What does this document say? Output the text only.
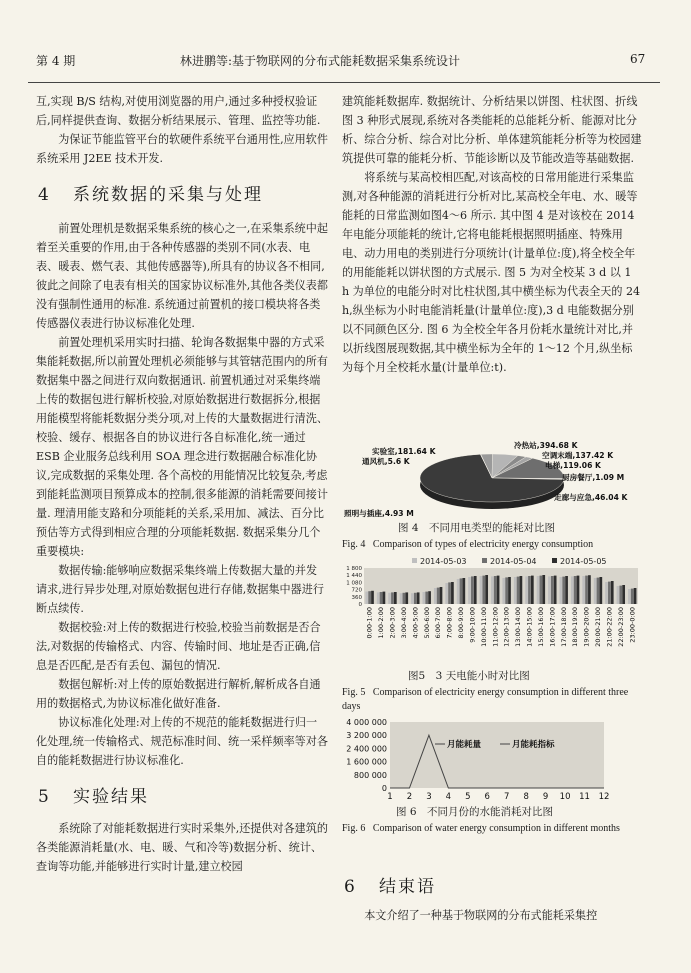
第 4 期	林进鹏等:基于物联网的分布式能耗数据采集系统设计	67

互,实现 B/S 结构,对使用浏览器的用户,通过多种授权验证后,同样提供查询、数据分析结果展示、管理、监控等功能.

为保证节能监管平台的软硬件系统平台通用性,应用软件系统采用 J2EE 技术开发.

4 系统数据的采集与处理

前置处理机是数据采集系统的核心之一,在采集系统中起着至关重要的作用,由于各种传感器的类别不同(水表、电表、暖表、燃气表、其他传感器等),所具有的协议各不相同,彼此之间除了电表有相关的国家协议标准外,其他各类仪表都没有强制性通用的标准. 系统通过前置机的接口模块将各类传感器仪表进行协议标准化处理.

前置处理机采用实时扫描、轮询各数据集中器的方式采集能耗数据,所以前置处理机必须能够与其管辖范围内的所有数据集中器之间进行双向数据通讯. 前置机通过对采集终端上传的数据包进行解析校验,对原始数据进行数据拆分,根据用能模型将能耗数据分类分项,对上传的大量数据进行清洗、校验、缓存、根据各自的协议进行各自标准化,统一通过 ESB 企业服务总线利用 SOA 理念进行数据融合标准化协议,完成数据的采集处理. 各个高校的用能情况比较复杂,考虑到能耗监测项目预算成本的控制,很多能源的消耗需要间接计量. 理清用能支路和分项能耗的关系,采用加、减法、百分比预估等方式得到相应合理的分项能耗数据. 数据采集分几个重要模块:

数据传输:能够响应数据采集终端上传数据大量的并发请求,进行异步处理,对原始数据包进行存储,数据集中器进行断点续传.

数据校验:对上传的数据进行校验,校验当前数据是否合法,对数据的传输格式、内容、传输时间、地址是否正确,信息是否匹配,是否有丢包、漏包的情况.

数据包解析:对上传的原始数据进行解析,解析成各自通用的数据格式,为协议标准化做好准备.

协议标准化处理:对上传的不规范的能耗数据进行归一化处理,统一传输格式、规范标准时间、统一采样频率等对各自的能耗数据进行协议标准化.

5 实验结果

系统除了对能耗数据进行实时采集外,还提供对各建筑的各类能源消耗量(水、电、暖、气和冷等)数据分析、统计、查询等功能,并能够进行实时计量,建立校园

建筑能耗数据库. 数据统计、分析结果以饼图、柱状图、折线图 3 种形式展现,系统对各类能耗的总能耗分析、能源对比分析、综合分析、综合对比分析、单体建筑能耗分析等为校园建筑提供可靠的能耗分析、节能诊断以及节能改造等基础数据.

将系统与某高校相匹配,对该高校的日常用能进行采集监测,对各种能源的消耗进行分析对比,某高校全年电、水、暖等能耗的日常监测如图4～6 所示. 其中图 4 是对该校在 2014 年电能分项能耗的统计,它将电能耗根据照明插座、特殊用电、动力用电的类别进行分项统计(计量单位:度),将全校全年的用能能耗以饼状图的方式展示. 图 5 为对全校某 3 d 以 1 h 为单位的电能分时对比柱状图,其中横坐标为代表全天的 24 h,纵坐标为小时电能消耗量(计量单位:度),3 d 电能数据分别以不同颜色区分. 图 6 为全校全年各月份耗水量统计对比,并以折线图展现数据,其中横坐标为全年的 1～12 个月,纵坐标为每个月全校耗水量(计量单位:t).

实验室,181.64 K
冷热站,394.68 K
空调末端,137.42 K
电梯,119.06 K
厨房餐厅,1.09 M
走廊与应急,46.04 K
照明与插座,4.93 M
通风机,5.6 K
图 4　不同用电类型的能耗对比图
Fig. 4 Comparison of types of electricity energy consumption
2014-05-03	2014-05-04	2014-05-05
1 800
1 440
1 080
720
360
0
0:00-1:00 1:00-2:00 2:00-3:00 3:00-4:00 4:00-5:00 5:00-6:00 6:00-7:00 7:00-8:00 8:00-9:00 9:00-10:00 10:00-11:00 11:00-12:00 12:00-13:00 13:00-14:00 14:00-15:00 15:00-16:00 16:00-17:00 17:00-18:00 18:00-19:00 19:00-20:00 20:00-21:00 21:00-22:00 22:00-23:00 23:00-0:00
图5　3 天电能小时对比图
Fig. 5 Comparison of electricity energy consumption in different three days
4 000 000
3 200 000
2 400 000
1 600 000
800 000
0
月能耗量	月能耗指标
1 2 3 4 5 6 7 8 9 10 11 12
图 6　不同月份的水能消耗对比图
Fig. 6 Comparison of water energy consumption in different months
6 结束语

本文介绍了一种基于物联网的分布式能耗采集控
